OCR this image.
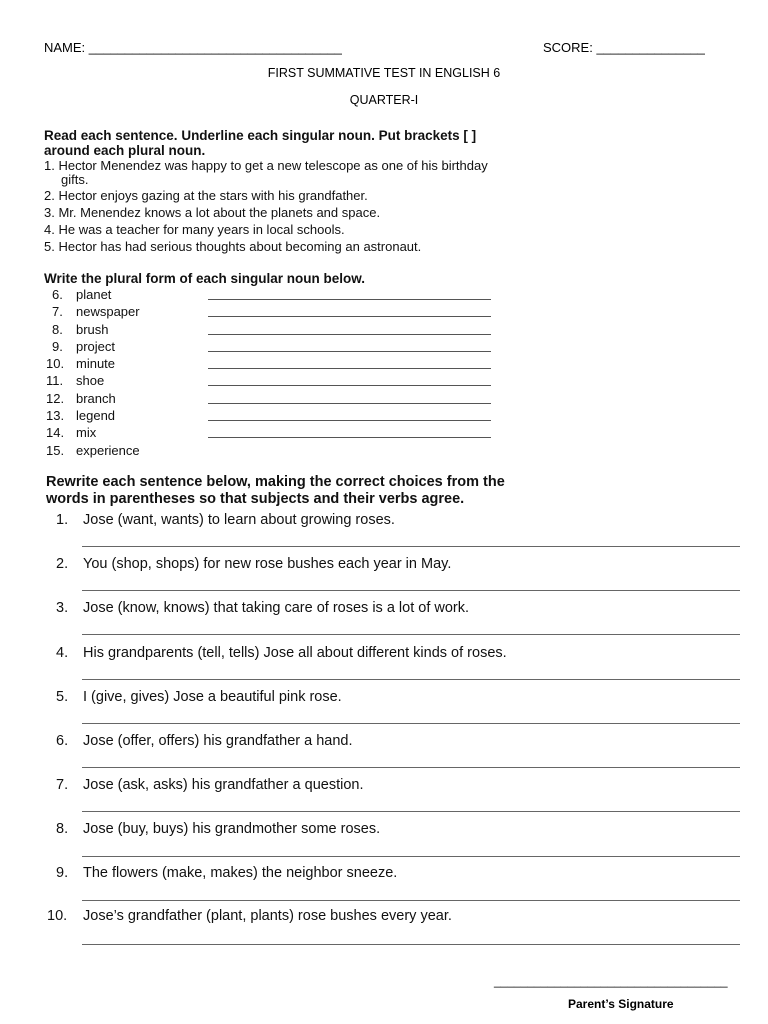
NAME: ___________________________________	SCORE: _______________
FIRST SUMMATIVE TEST IN ENGLISH 6
QUARTER-I
Read each sentence. Underline each singular noun. Put brackets [ ]
around each plural noun.
1. Hector Menendez was happy to get a new telescope as one of his birthday
gifts.
2. Hector enjoys gazing at the stars with his grandfather.
3. Mr. Menendez knows a lot about the planets and space.
4. He was a teacher for many years in local schools.
5. Hector has had serious thoughts about becoming an astronaut.
Write the plural form of each singular noun below.
6. planet
7. newspaper
8. brush
9. project
10. minute
11. shoe
12. branch
13. legend
14. mix
15. experience
Rewrite each sentence below, making the correct choices from the
words in parentheses so that subjects and their verbs agree.
1. Jose (want, wants) to learn about growing roses.
2. You (shop, shops) for new rose bushes each year in May.
3. Jose (know, knows) that taking care of roses is a lot of work.
4. His grandparents (tell, tells) Jose all about different kinds of roses.
5. I (give, gives) Jose a beautiful pink rose.
6. Jose (offer, offers) his grandfather a hand.
7. Jose (ask, asks) his grandfather a question.
8. Jose (buy, buys) his grandmother some roses.
9. The flowers (make, makes) the neighbor sneeze.
10. Jose’s grandfather (plant, plants) rose bushes every year.
___________________________________
Parent’s Signature
